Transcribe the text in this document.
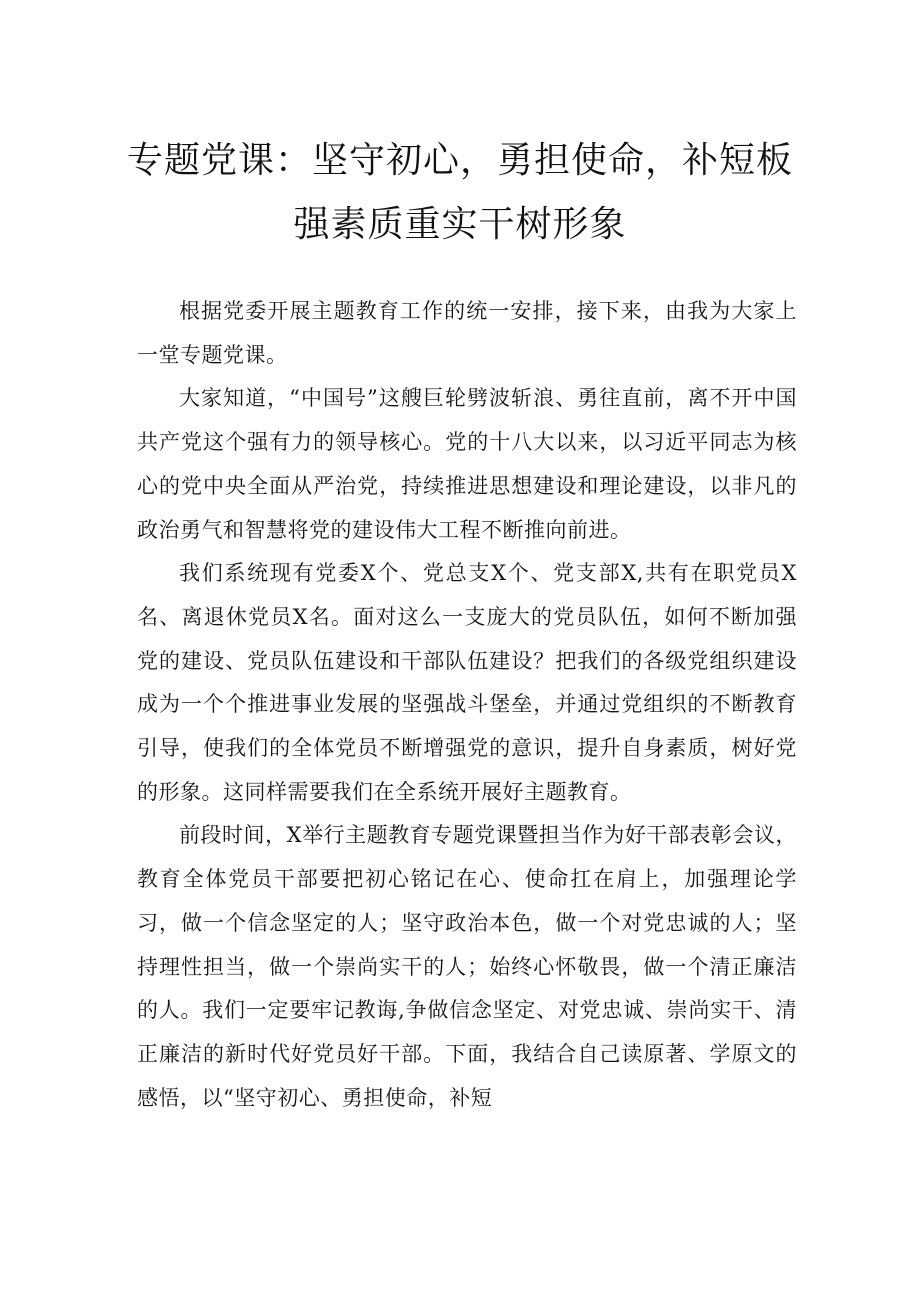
专题党课：坚守初心，勇担使命，补短板
强素质重实干树形象

根据党委开展主题教育工作的统一安排，接下来，由我为大家上一堂专题党课。

大家知道，“中国号”这艘巨轮劈波斩浪、勇往直前，离不开中国共产党这个强有力的领导核心。党的十八大以来，以习近平同志为核心的党中央全面从严治党，持续推进思想建设和理论建设，以非凡的政治勇气和智慧将党的建设伟大工程不断推向前进。

我们系统现有党委X个、党总支X个、党支部X,共有在职党员X名、离退休党员X名。面对这么一支庞大的党员队伍，如何不断加强党的建设、党员队伍建设和干部队伍建设？把我们的各级党组织建设成为一个个推进事业发展的坚强战斗堡垒，并通过党组织的不断教育引导，使我们的全体党员不断增强党的意识，提升自身素质，树好党的形象。这同样需要我们在全系统开展好主题教育。

前段时间，X举行主题教育专题党课暨担当作为好干部表彰会议，教育全体党员干部要把初心铭记在心、使命扛在肩上，加强理论学习，做一个信念坚定的人；坚守政治本色，做一个对党忠诚的人；坚持理性担当，做一个崇尚实干的人；始终心怀敬畏，做一个清正廉洁的人。我们一定要牢记教诲,争做信念坚定、对党忠诚、崇尚实干、清正廉洁的新时代好党员好干部。下面，我结合自己读原著、学原文的感悟，以“坚守初心、勇担使命，补短
